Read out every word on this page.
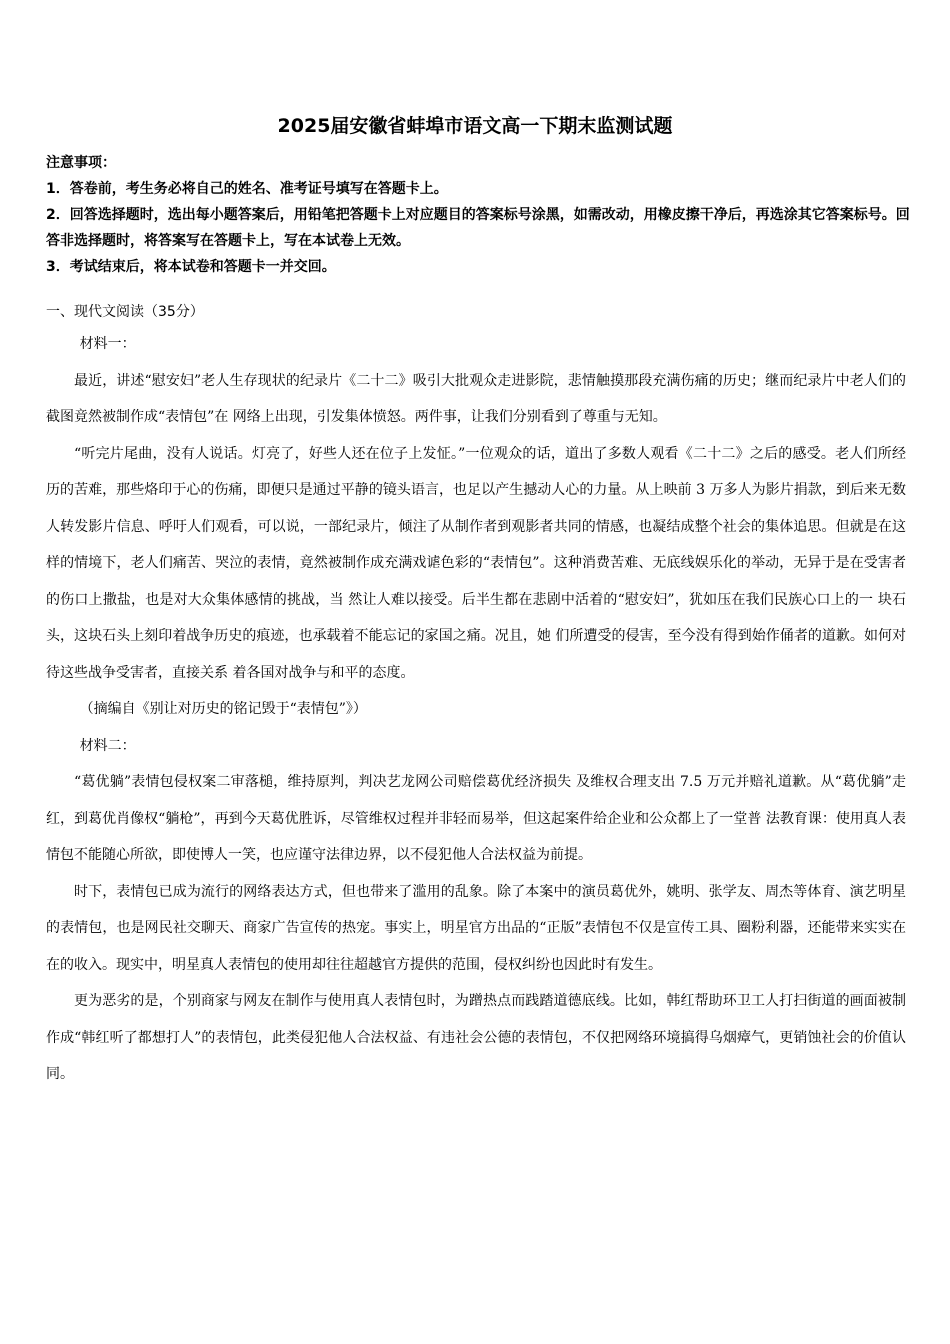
2025届安徽省蚌埠市语文高一下期末监测试题

注意事项：

1．答卷前，考生务必将自己的姓名、准考证号填写在答题卡上。

2．回答选择题时，选出每小题答案后，用铅笔把答题卡上对应题目的答案标号涂黑，如需改动，用橡皮擦干净后，再选涂其它答案标号。回答非选择题时，将答案写在答题卡上，写在本试卷上无效。

3．考试结束后，将本试卷和答题卡一并交回。

一、现代文阅读（35分）

材料一：

最近，讲述“慰安妇”老人生存现状的纪录片《二十二》吸引大批观众走进影院，悲情触摸那段充满伤痛的历史；继而纪录片中老人们的截图竟然被制作成“表情包”在 网络上出现，引发集体愤怒。两件事，让我们分别看到了尊重与无知。

“听完片尾曲，没有人说话。灯亮了，好些人还在位子上发怔。”一位观众的话，道出了多数人观看《二十二》之后的感受。老人们所经历的苦难，那些烙印于心的伤痛，即便只是通过平静的镜头语言，也足以产生撼动人心的力量。从上映前 3 万多人为影片捐款，到后来无数人转发影片信息、呼吁人们观看，可以说，一部纪录片，倾注了从制作者到观影者共同的情感，也凝结成整个社会的集体追思。但就是在这样的情境下，老人们痛苦、哭泣的表情，竟然被制作成充满戏谑色彩的“表情包”。这种消费苦难、无底线娱乐化的举动，无异于是在受害者的伤口上撒盐，也是对大众集体感情的挑战，当 然让人难以接受。后半生都在悲剧中活着的“慰安妇”，犹如压在我们民族心口上的一 块石头，这块石头上刻印着战争历史的痕迹，也承载着不能忘记的家国之痛。况且，她 们所遭受的侵害，至今没有得到始作俑者的道歉。如何对待这些战争受害者，直接关系 着各国对战争与和平的态度。

（摘编自《别让对历史的铭记毁于“表情包”》）

材料二：

“葛优躺”表情包侵权案二审落槌，维持原判，判决艺龙网公司赔偿葛优经济损失 及维权合理支出 7.5 万元并赔礼道歉。从“葛优躺”走红，到葛优肖像权“躺枪”，再到今天葛优胜诉，尽管维权过程并非轻而易举，但这起案件给企业和公众都上了一堂普 法教育课：使用真人表情包不能随心所欲，即使博人一笑，也应谨守法律边界，以不侵犯他人合法权益为前提。

时下，表情包已成为流行的网络表达方式，但也带来了滥用的乱象。除了本案中的演员葛优外，姚明、张学友、周杰等体育、演艺明星的表情包，也是网民社交聊天、商家广告宣传的热宠。事实上，明星官方出品的“正版”表情包不仅是宣传工具、圈粉利器，还能带来实实在在的收入。现实中，明星真人表情包的使用却往往超越官方提供的范围，侵权纠纷也因此时有发生。

更为恶劣的是，个别商家与网友在制作与使用真人表情包时，为蹭热点而践踏道德底线。比如，韩红帮助环卫工人打扫街道的画面被制作成“韩红听了都想打人”的表情包，此类侵犯他人合法权益、有违社会公德的表情包，不仅把网络环境搞得乌烟瘴气，更销蚀社会的价值认同。
